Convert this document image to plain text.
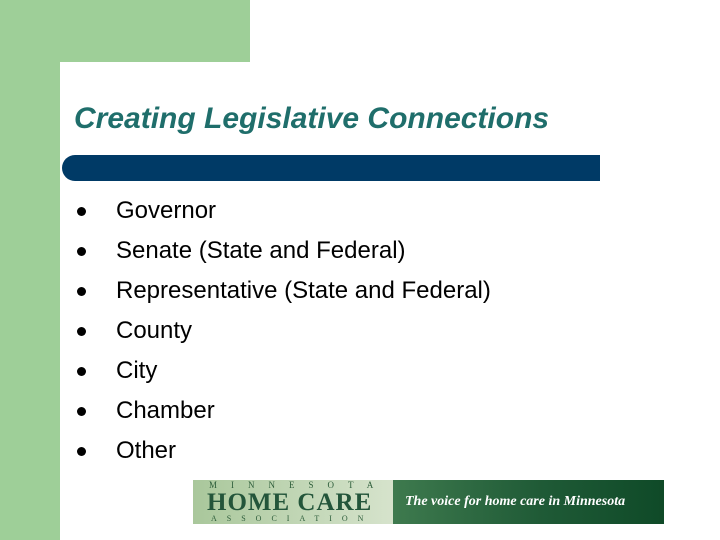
Creating Legislative Connections
Governor
Senate (State and Federal)
Representative (State and Federal)
County
City
Chamber
Other
MINNESOTA
HOME CARE
ASSOCIATION
The voice for home care in Minnesota
